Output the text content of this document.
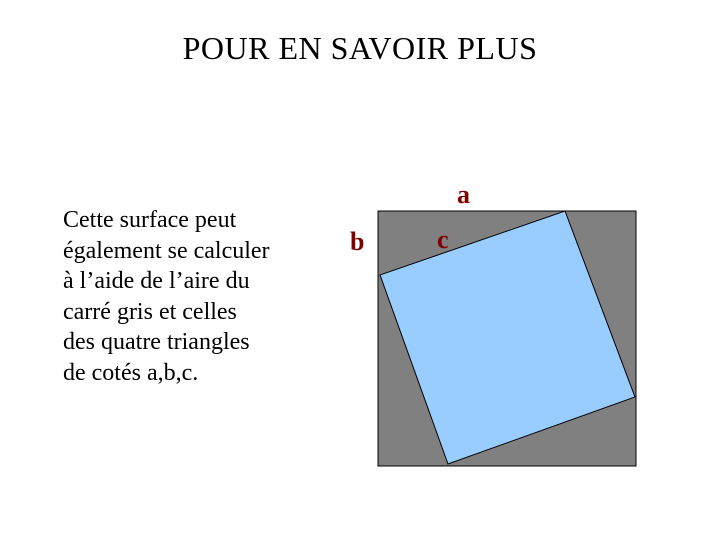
POUR EN SAVOIR PLUS
Cette surface peut
également se calculer
à l’aide de l’aire du
carré gris et celles
des quatre triangles
de cotés a,b,c.
a
b	c
